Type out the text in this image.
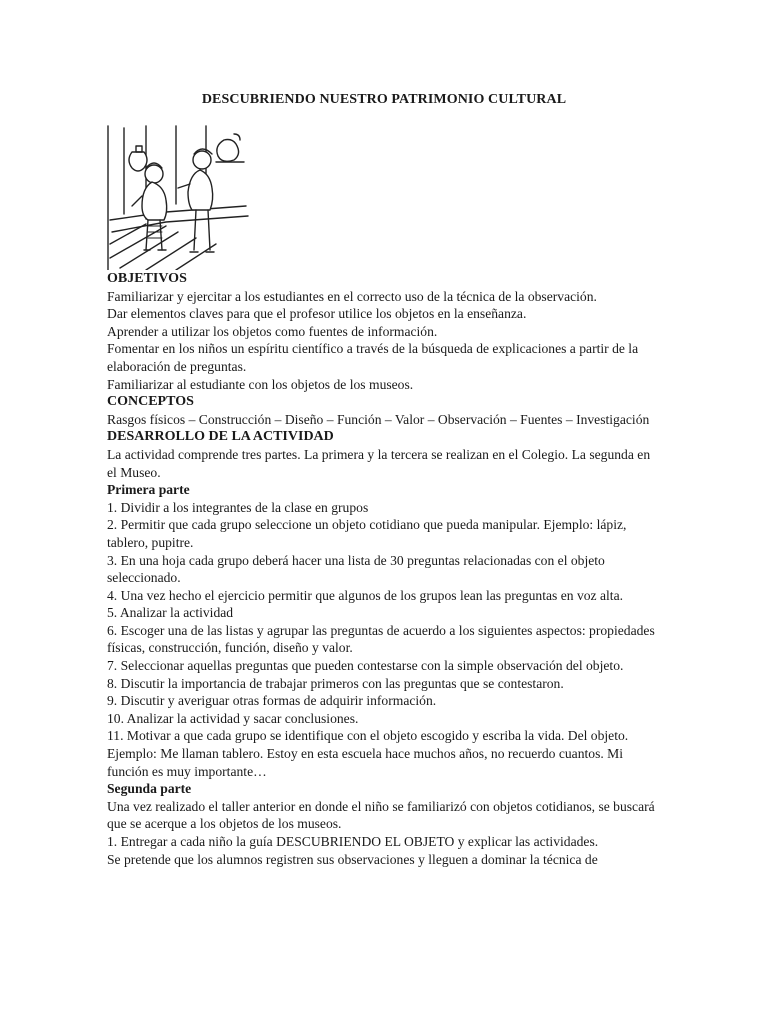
DESCUBRIENDO NUESTRO PATRIMONIO CULTURAL

OBJETIVOS

Familiarizar y ejercitar a los estudiantes en el correcto uso de la técnica de la observación.

Dar elementos claves para que el profesor utilice los objetos en la enseñanza.

Aprender a utilizar los objetos como fuentes de información.

Fomentar en los niños un espíritu científico a través de la búsqueda de explicaciones a partir de la elaboración de preguntas.

Familiarizar al estudiante con los objetos de los museos.

CONCEPTOS

Rasgos físicos – Construcción – Diseño – Función – Valor – Observación – Fuentes – Investigación

DESARROLLO DE LA ACTIVIDAD

La actividad comprende tres partes. La primera y la tercera se realizan en el Colegio. La segunda en el Museo.

Primera parte

1. Dividir a los integrantes de la clase en grupos

2. Permitir que cada grupo seleccione un objeto cotidiano que pueda manipular. Ejemplo: lápiz, tablero, pupitre.

3. En una hoja cada grupo deberá hacer una lista de 30 preguntas relacionadas con el objeto seleccionado.

4. Una vez hecho el ejercicio permitir que algunos de los grupos lean las preguntas en voz alta.

5. Analizar la actividad

6. Escoger una de las listas y agrupar las preguntas de acuerdo a los siguientes aspectos: propiedades físicas, construcción, función, diseño y valor.

7. Seleccionar aquellas preguntas que pueden contestarse con la simple observación del objeto.

8. Discutir la importancia de trabajar primeros con las preguntas que se contestaron.

9. Discutir y averiguar otras formas de adquirir información.

10. Analizar la actividad y sacar conclusiones.

11. Motivar a que cada grupo se identifique con el objeto escogido y escriba la vida. Del objeto. Ejemplo: Me llaman tablero. Estoy en esta escuela hace muchos años, no recuerdo cuantos. Mi función es muy importante…

Segunda parte

Una vez realizado el taller anterior en donde el niño se familiarizó con objetos cotidianos, se buscará que se acerque a los objetos de los museos.

1. Entregar a cada niño la guía DESCUBRIENDO EL OBJETO y explicar las actividades.

Se pretende que los alumnos registren sus observaciones y lleguen a dominar la técnica de
